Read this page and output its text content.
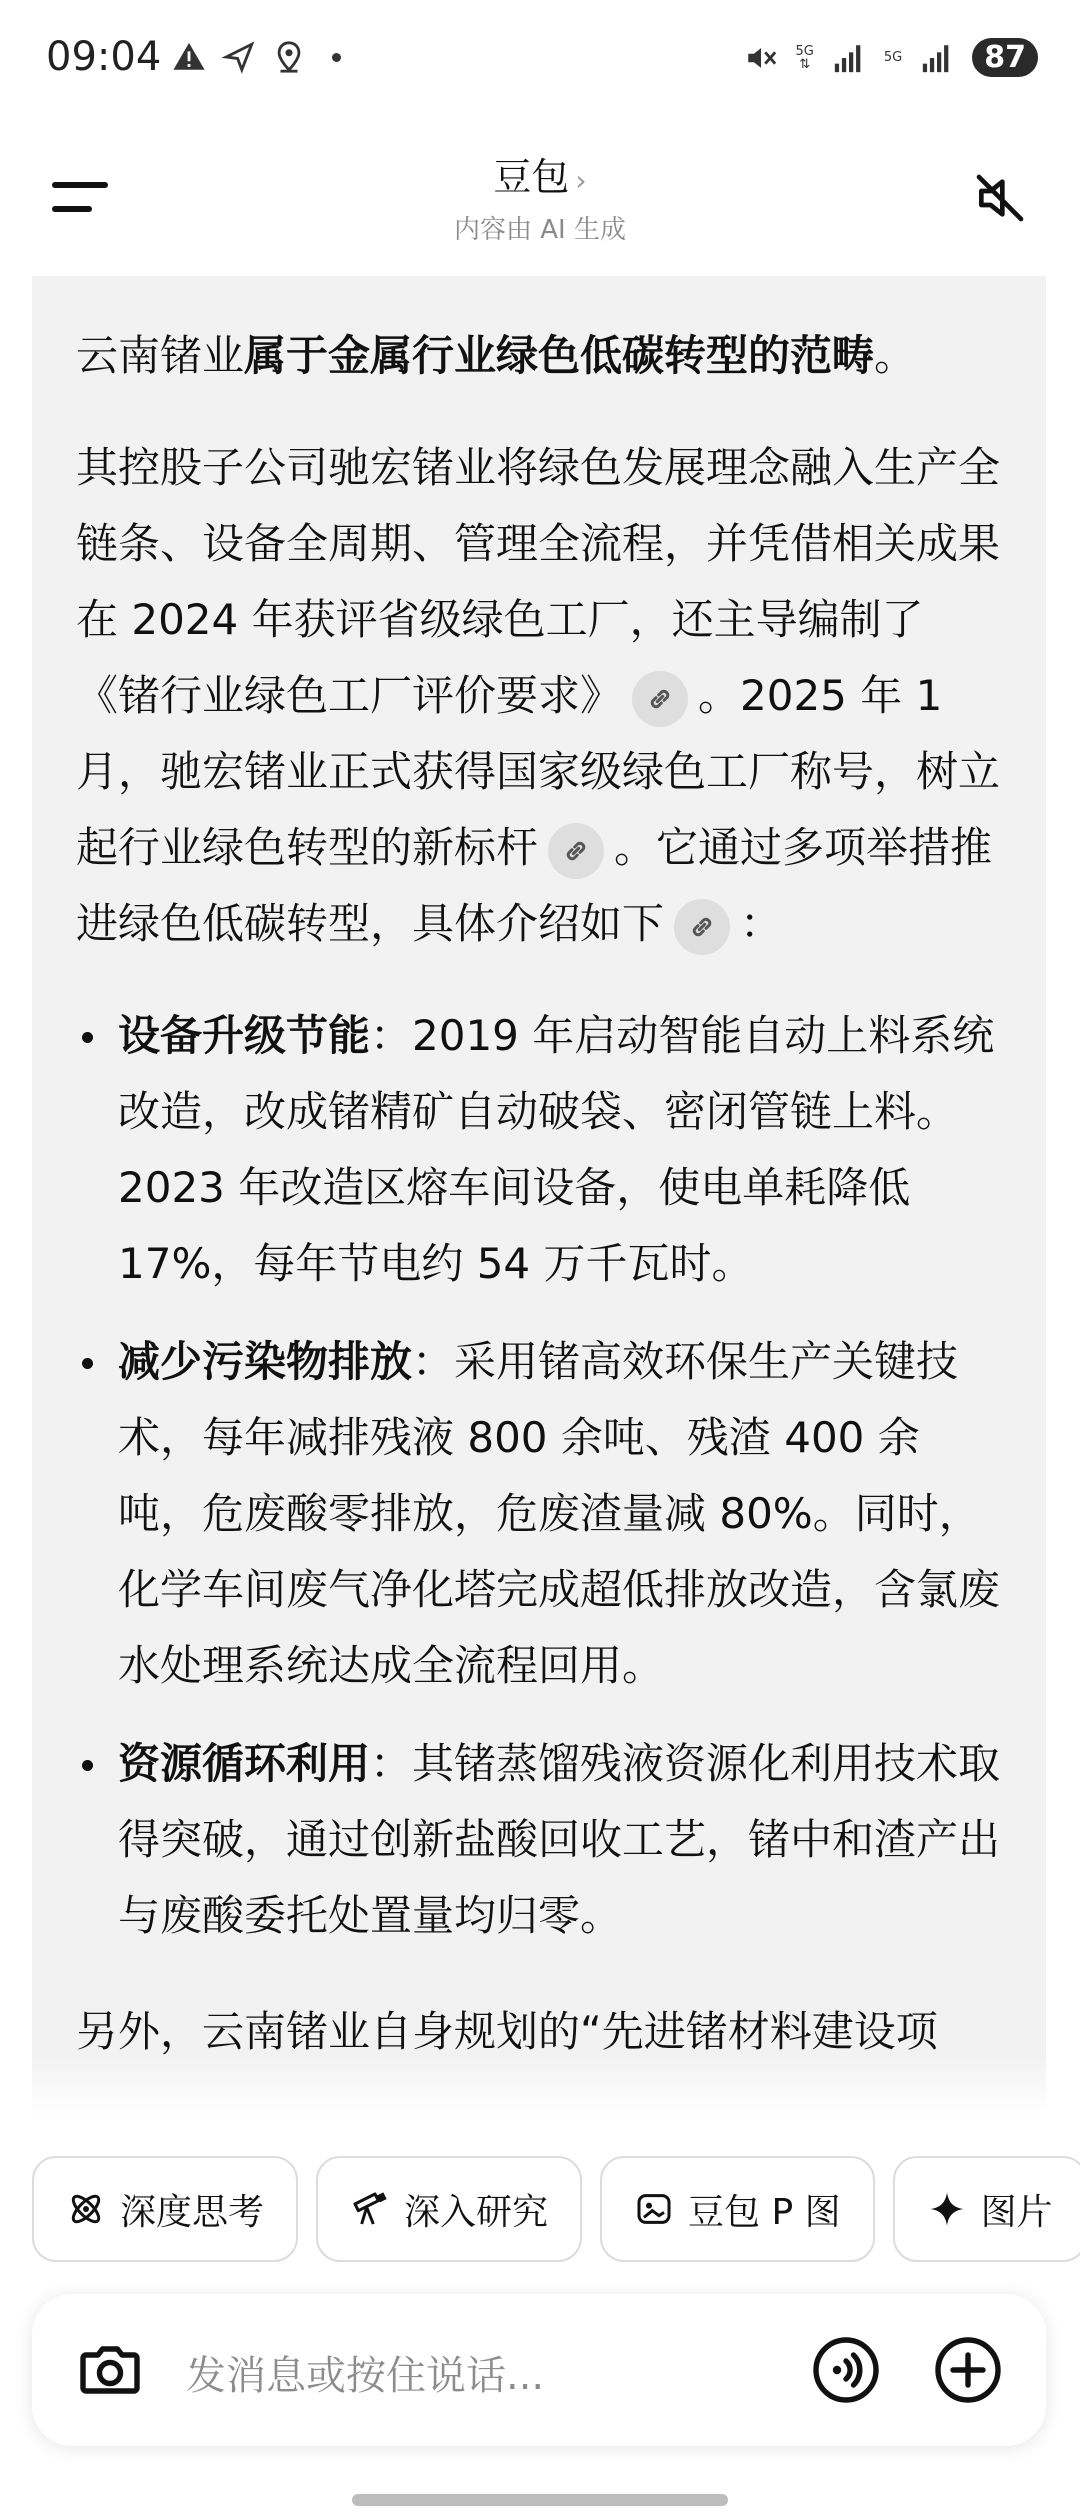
09:04	5G
⇅	5G	87
豆包 ›
内容由 AI 生成

云南锗业属于金属行业绿色低碳转型的范畴。

其控股子公司驰宏锗业将绿色发展理念融入生产全链条、设备全周期、管理全流程，并凭借相关成果在 2024 年获评省级绿色工厂，还主导编制了《锗行业绿色工厂评价要求》 。2025 年 1 月，驰宏锗业正式获得国家级绿色工厂称号，树立起行业绿色转型的新标杆 。它通过多项举措推进绿色低碳转型，具体介绍如下 ：

设备升级节能：2019 年启动智能自动上料系统改造，改成锗精矿自动破袋、密闭管链上料。2023 年改造区熔车间设备，使电单耗降低 17%，每年节电约 54 万千瓦时。
减少污染物排放：采用锗高效环保生产关键技术，每年减排残液 800 余吨、残渣 400 余吨，危废酸零排放，危废渣量减 80%。同时，化学车间废气净化塔完成超低排放改造，含氯废水处理系统达成全流程回用。
资源循环利用：其锗蒸馏残液资源化利用技术取得突破，通过创新盐酸回收工艺，锗中和渣产出与废酸委托处置量均归零。

另外，云南锗业自身规划的“先进锗材料建设项

深度思考	深入研究	豆包 P 图	图片
发消息或按住说话...
